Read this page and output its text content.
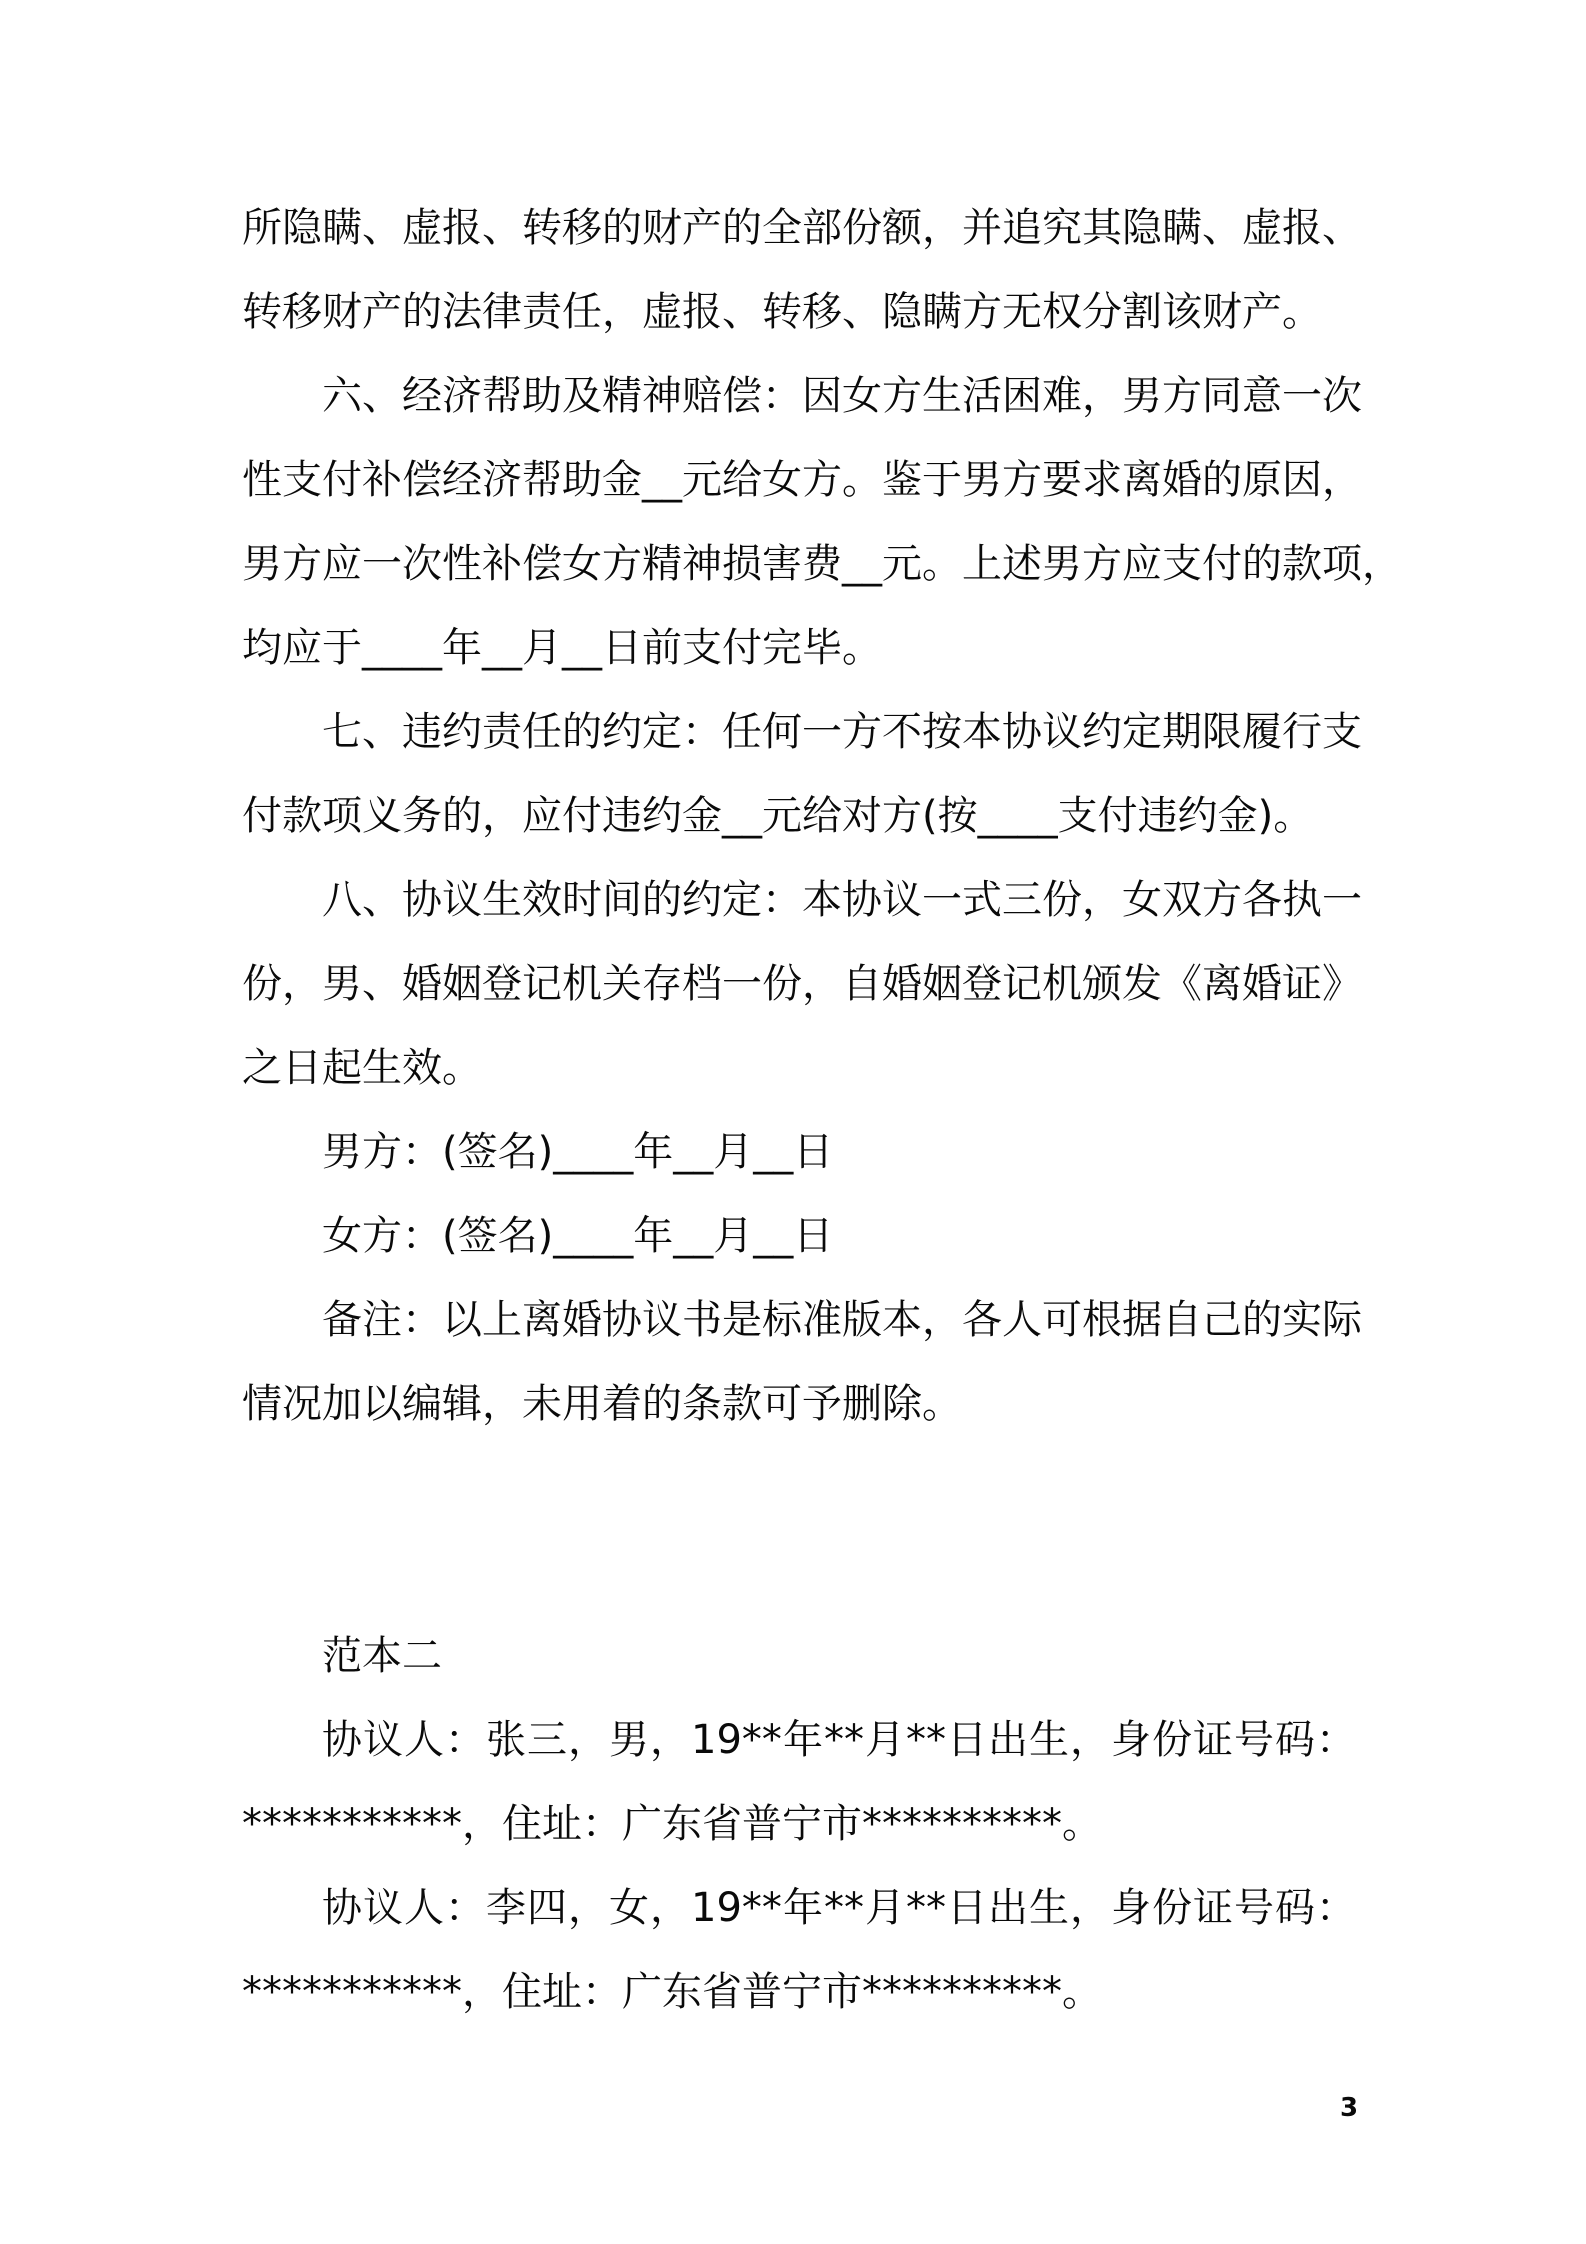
所隐瞒、虚报、转移的财产的全部份额，并追究其隐瞒、虚报、
转移财产的法律责任，虚报、转移、隐瞒方无权分割该财产。
六、经济帮助及精神赔偿：因女方生活困难，男方同意一次
性支付补偿经济帮助金__元给女方。鉴于男方要求离婚的原因，
男方应一次性补偿女方精神损害费__元。上述男方应支付的款项，
均应于____年__月__日前支付完毕。
七、违约责任的约定：任何一方不按本协议约定期限履行支
付款项义务的，应付违约金__元给对方(按____支付违约金)。
八、协议生效时间的约定：本协议一式三份，女双方各执一
份，男、婚姻登记机关存档一份，自婚姻登记机颁发《离婚证》
之日起生效。
男方：(签名)____年__月__日
女方：(签名)____年__月__日
备注：以上离婚协议书是标准版本，各人可根据自己的实际
情况加以编辑，未用着的条款可予删除。
范本二
协议人：张三，男，19**年**月**日出生，身份证号码：
***********，住址：广东省普宁市**********。
协议人：李四，女，19**年**月**日出生，身份证号码：
***********，住址：广东省普宁市**********。
3
